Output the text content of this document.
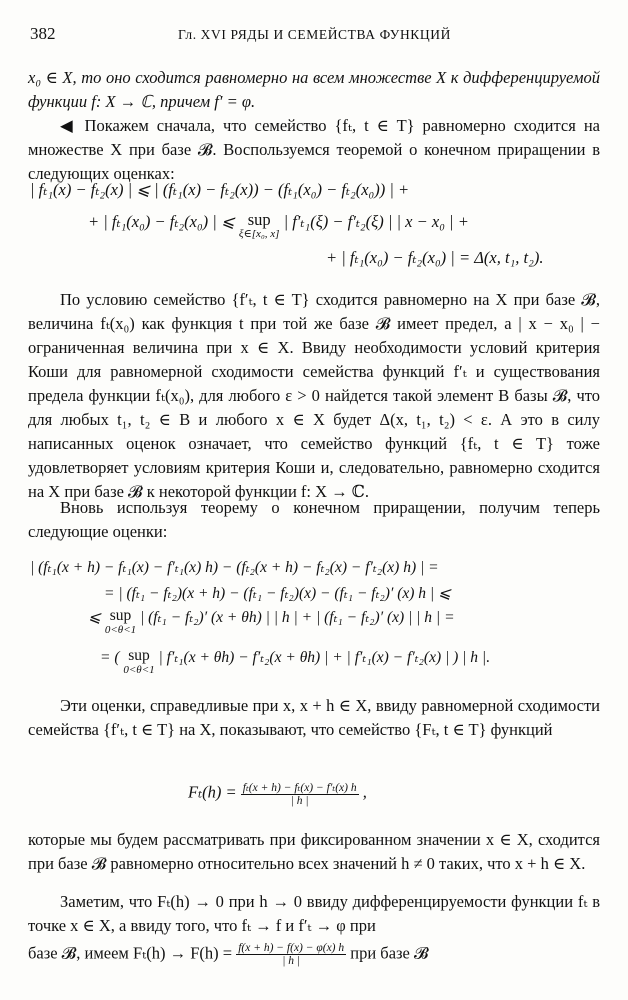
382	Гл. XVI РЯДЫ И СЕМЕЙСТВА ФУНКЦИЙ
x₀ ∈ X, то оно сходится равномерно на всем множестве X к дифференцируемой функции f: X → ℂ, причем f′ = φ.
◀ Покажем сначала, что семейство {fₜ, t ∈ T} равномерно сходится на множестве X при базе 𝓑. Воспользуемся теоремой о конечном приращении в следующих оценках:
| fₜ₁(x) − fₜ₂(x) | ⩽ | (fₜ₁(x) − fₜ₂(x)) − (fₜ₁(x₀) − fₜ₂(x₀)) | +
+ | fₜ₁(x₀) − fₜ₂(x₀) | ⩽ sup
ξ∈[x₀, x]
| f′ₜ₁(ξ) − f′ₜ₂(ξ) | | x − x₀ | +
+ | fₜ₁(x₀) − fₜ₂(x₀) | = Δ(x, t₁, t₂).
По условию семейство {f′ₜ, t ∈ T} сходится равномерно на X при базе 𝓑, величина fₜ(x₀) как функция t при той же базе 𝓑 имеет предел, а | x − x₀ | − ограниченная величина при x ∈ X. Ввиду необходимости условий критерия Коши для равномерной сходимости семейства функций f′ₜ и существования предела функции fₜ(x₀), для любого ε > 0 найдется такой элемент B базы 𝓑, что для любых t₁, t₂ ∈ B и любого x ∈ X будет Δ(x, t₁, t₂) < ε. А это в силу написанных оценок означает, что семейство функций {fₜ, t ∈ T} тоже удовлетворяет условиям критерия Коши и, следовательно, равномерно сходится на X при базе 𝓑 к некоторой функции f: X → ℂ.
Вновь используя теорему о конечном приращении, получим теперь следующие оценки:
| (fₜ₁(x + h) − fₜ₁(x) − f′ₜ₁(x) h) − (fₜ₂(x + h) − fₜ₂(x) − f′ₜ₂(x) h) | =
= | (fₜ₁ − fₜ₂)(x + h) − (fₜ₁ − fₜ₂)(x) − (fₜ₁ − fₜ₂)′ (x) h | ⩽
⩽ sup
0<θ<1
| (fₜ₁ − fₜ₂)′ (x + θh) | | h | + | (fₜ₁ − fₜ₂)′ (x) | | h | =
= ( sup
0<θ<1
| f′ₜ₁(x + θh) − f′ₜ₂(x + θh) | + | f′ₜ₁(x) − f′ₜ₂(x) | ) | h |.
Эти оценки, справедливые при x, x + h ∈ X, ввиду равномерной сходимости семейства {f′ₜ, t ∈ T} на X, показывают, что семейство {Fₜ, t ∈ T} функций
$F_t(h) = \frac{\text{fₜ(x + h) − fₜ(x) − f′ₜ(x) h}}{| h |}$ ,
которые мы будем рассматривать при фиксированном значении x ∈ X, сходится при базе 𝓑 равномерно относительно всех значений h ≠ 0 таких, что x + h ∈ X.
Заметим, что Fₜ(h) → 0 при h → 0 ввиду дифференцируемости функции fₜ в точке x ∈ X, а ввиду того, что fₜ → f и f′ₜ → φ при
базе 𝓑, имеем $F_t(h) \to F(h) = \frac{f(x + h) - f(x) - \varphi(x) h}{| h |}$ при базе 𝓑
